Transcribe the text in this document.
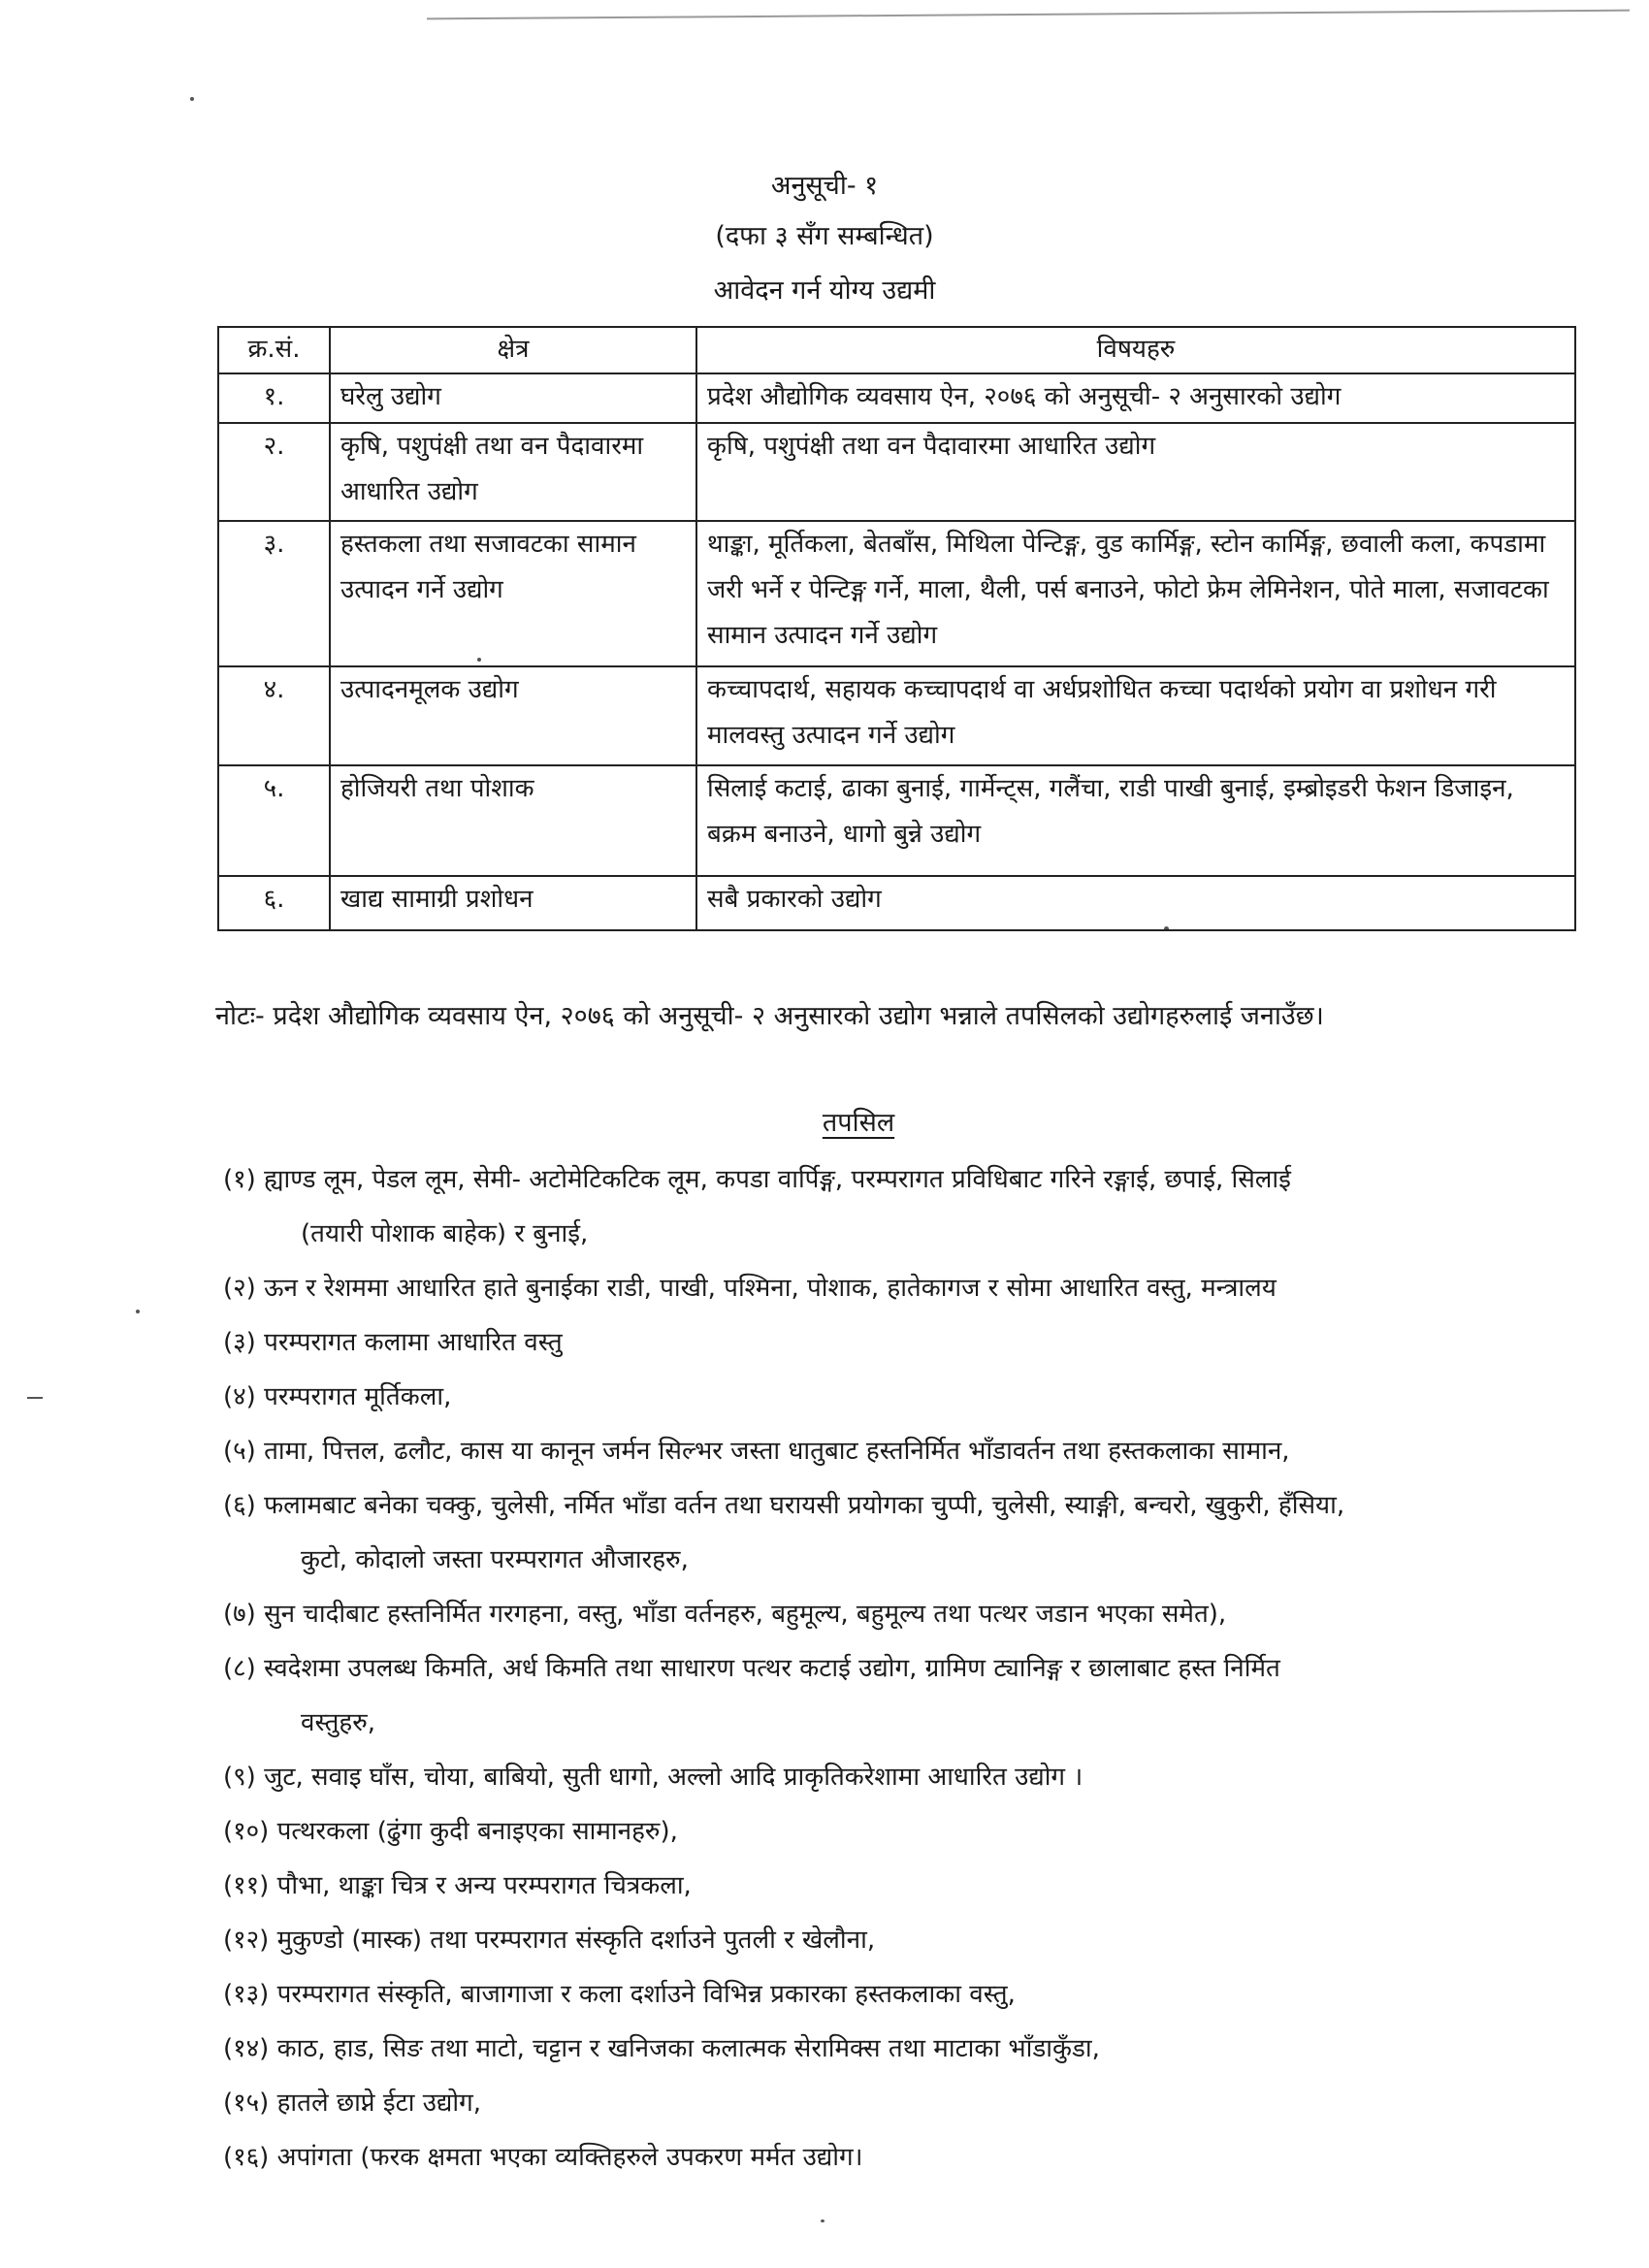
अनुसूची- १
(दफा ३ सँग सम्बन्धित)
आवेदन गर्न योग्य उद्यमी
क्र.सं.	क्षेत्र	विषयहरु
१.	घरेलु उद्योग	प्रदेश औद्योगिक व्यवसाय ऐन, २०७६ को अनुसूची- २ अनुसारको उद्योग
२.	कृषि, पशुपंक्षी तथा वन पैदावारमा आधारित उद्योग	कृषि, पशुपंक्षी तथा वन पैदावारमा आधारित उद्योग
३.	हस्तकला तथा सजावटका सामान उत्पादन गर्ने उद्योग	थाङ्का, मूर्तिकला, बेतबाँस, मिथिला पेन्टिङ्ग, वुड कार्मिङ्ग, स्टोन कार्मिङ्ग, छवाली कला, कपडामा जरी भर्ने र पेन्टिङ्ग गर्ने, माला, थैली, पर्स बनाउने, फोटो फ्रेम लेमिनेशन, पोते माला, सजावटका सामान उत्पादन गर्ने उद्योग
४.	उत्पादनमूलक उद्योग	कच्चापदार्थ, सहायक कच्चापदार्थ वा अर्धप्रशोधित कच्चा पदार्थको प्रयोग वा प्रशोधन गरी मालवस्तु उत्पादन गर्ने उद्योग
५.	होजियरी तथा पोशाक	सिलाई कटाई, ढाका बुनाई, गार्मेन्ट्स, गलैंचा, राडी पाखी बुनाई, इम्ब्रोइडरी फेशन डिजाइन, बक्रम बनाउने, धागो बुन्ने उद्योग
६.	खाद्य सामाग्री प्रशोधन	सबै प्रकारको उद्योग
नोटः- प्रदेश औद्योगिक व्यवसाय ऐन, २०७६ को अनुसूची- २ अनुसारको उद्योग भन्नाले तपसिलको उद्योगहरुलाई जनाउँछ।
तपसिल
(१) ह्याण्ड लूम, पेडल लूम, सेमी- अटोमेटिकटिक लूम, कपडा वार्पिङ्ग, परम्परागत प्रविधिबाट गरिने रङ्गाई, छपाई, सिलाई
(तयारी पोशाक बाहेक) र बुनाई,
(२) ऊन र रेशममा आधारित हाते बुनाईका राडी, पाखी, पश्मिना, पोशाक, हातेकागज र सोमा आधारित वस्तु, मन्त्रालय
(३) परम्परागत कलामा आधारित वस्तु
(४) परम्परागत मूर्तिकला,
(५) तामा, पित्तल, ढलौट, कास या कानून जर्मन सिल्भर जस्ता धातुबाट हस्तनिर्मित भाँडावर्तन तथा हस्तकलाका सामान,
(६) फलामबाट बनेका चक्कु, चुलेसी, नर्मित भाँडा वर्तन तथा घरायसी प्रयोगका चुप्पी, चुलेसी, स्याङ्गी, बन्चरो, खुकुरी, हँसिया,
कुटो, कोदालो जस्ता परम्परागत औजारहरु,
(७) सुन चादीबाट हस्तनिर्मित गरगहना, वस्तु, भाँडा वर्तनहरु, बहुमूल्य, बहुमूल्य तथा पत्थर जडान भएका समेत),
(८) स्वदेशमा उपलब्ध किमति, अर्ध किमति तथा साधारण पत्थर कटाई उद्योग, ग्रामिण ट्यानिङ्ग र छालाबाट हस्त निर्मित
वस्तुहरु,
(९) जुट, सवाइ घाँस, चोया, बाबियो, सुती धागो, अल्लो आदि प्राकृतिकरेशामा आधारित उद्योग ।
(१०) पत्थरकला (ढुंगा कुदी बनाइएका सामानहरु),
(११) पौभा, थाङ्का चित्र र अन्य परम्परागत चित्रकला,
(१२) मुकुण्डो (मास्क) तथा परम्परागत संस्कृति दर्शाउने पुतली र खेलौना,
(१३) परम्परागत संस्कृति, बाजागाजा र कला दर्शाउने विभिन्न प्रकारका हस्तकलाका वस्तु,
(१४) काठ, हाड, सिङ तथा माटो, चट्टान र खनिजका कलात्मक सेरामिक्स तथा माटाका भाँडाकुँडा,
(१५) हातले छाप्ने ईटा उद्योग,
(१६) अपांगता (फरक क्षमता भएका व्यक्तिहरुले उपकरण मर्मत उद्योग।
